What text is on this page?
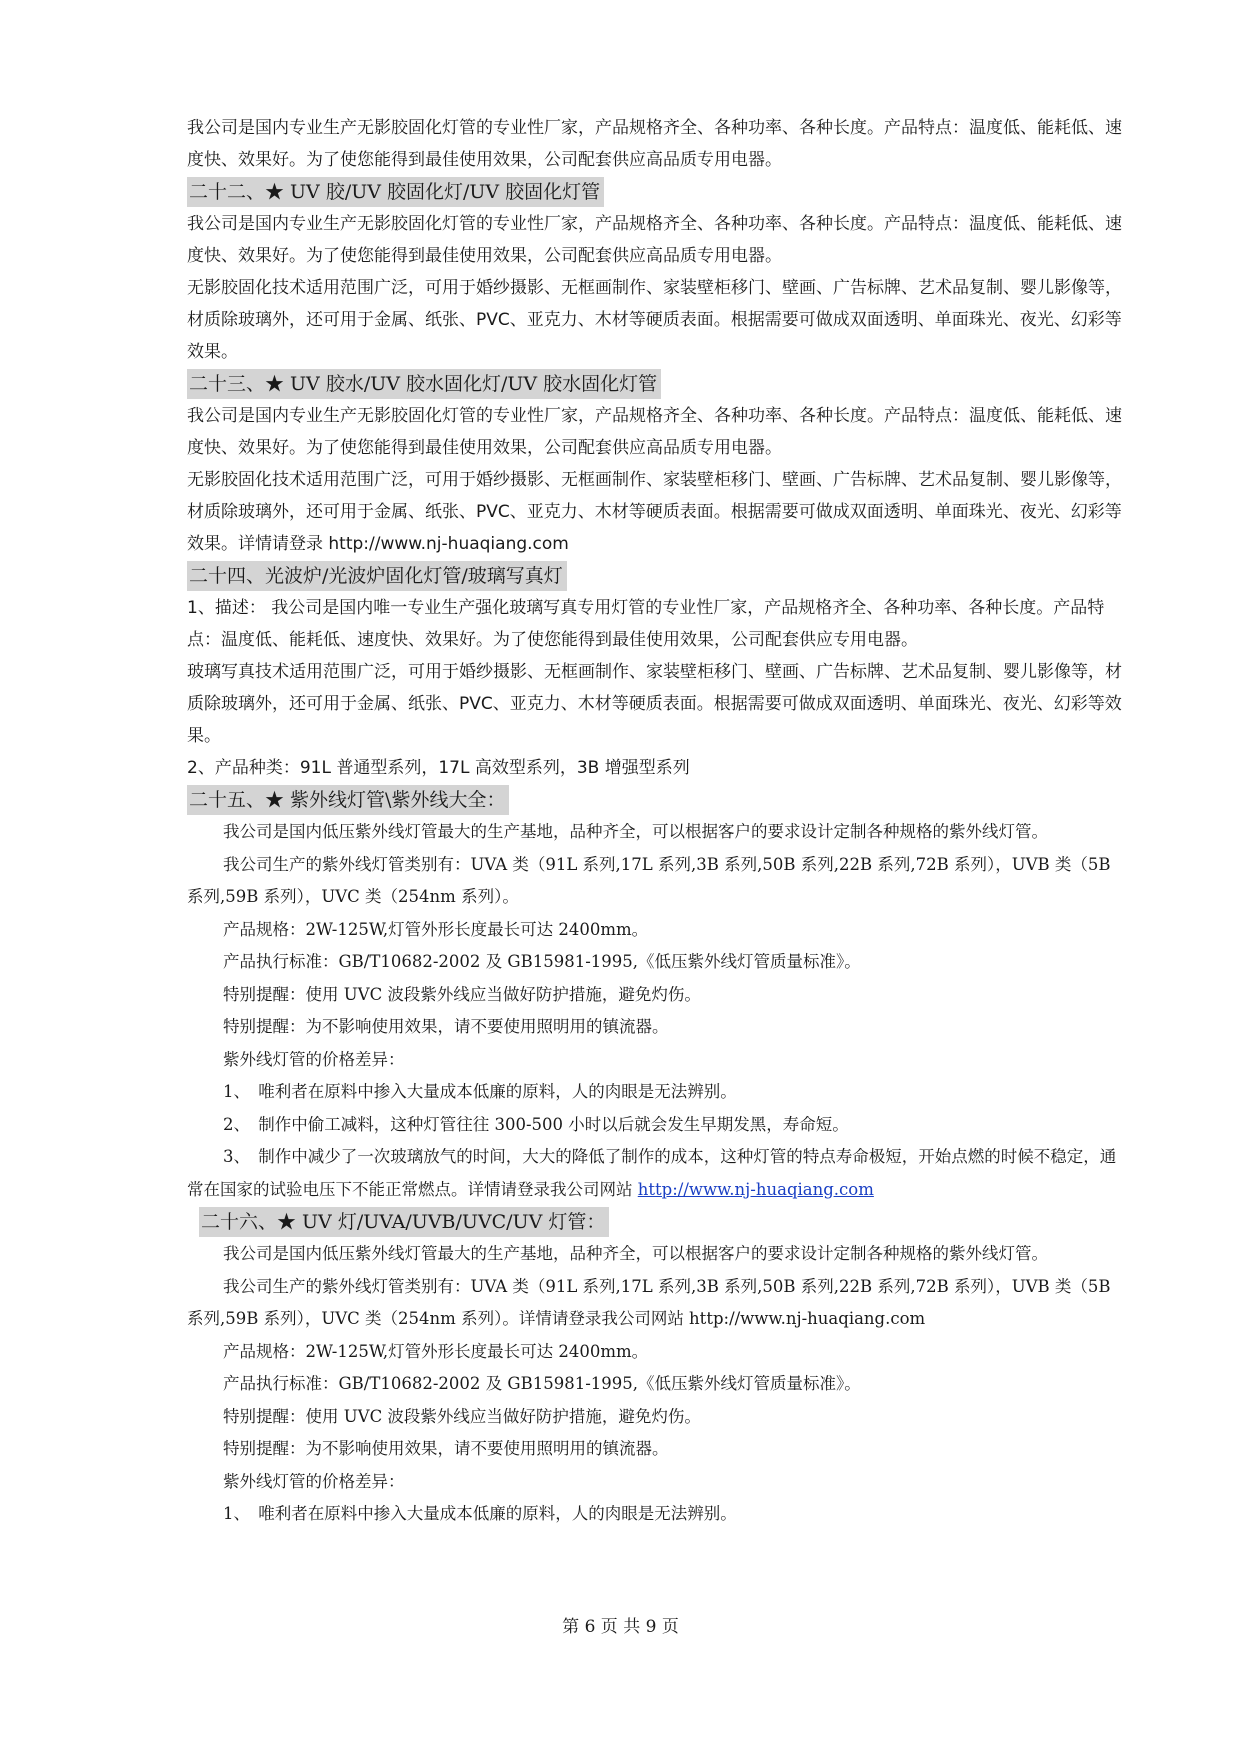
我公司是国内专业生产无影胶固化灯管的专业性厂家，产品规格齐全、各种功率、各种长度。产品特点：温度低、能耗低、速度快、效果好。为了使您能得到最佳使用效果，公司配套供应高品质专用电器。

二十二、★ UV 胶/UV 胶固化灯/UV 胶固化灯管

我公司是国内专业生产无影胶固化灯管的专业性厂家，产品规格齐全、各种功率、各种长度。产品特点：温度低、能耗低、速度快、效果好。为了使您能得到最佳使用效果，公司配套供应高品质专用电器。

无影胶固化技术适用范围广泛，可用于婚纱摄影、无框画制作、家装壁柜移门、壁画、广告标牌、艺术品复制、婴儿影像等，材质除玻璃外，还可用于金属、纸张、PVC、亚克力、木材等硬质表面。根据需要可做成双面透明、单面珠光、夜光、幻彩等效果。

二十三、★ UV 胶水/UV 胶水固化灯/UV 胶水固化灯管

我公司是国内专业生产无影胶固化灯管的专业性厂家，产品规格齐全、各种功率、各种长度。产品特点：温度低、能耗低、速度快、效果好。为了使您能得到最佳使用效果，公司配套供应高品质专用电器。

无影胶固化技术适用范围广泛，可用于婚纱摄影、无框画制作、家装壁柜移门、壁画、广告标牌、艺术品复制、婴儿影像等，材质除玻璃外，还可用于金属、纸张、PVC、亚克力、木材等硬质表面。根据需要可做成双面透明、单面珠光、夜光、幻彩等效果。详情请登录 http://www.nj-huaqiang.com

二十四、光波炉/光波炉固化灯管/玻璃写真灯

1、描述： 我公司是国内唯一专业生产强化玻璃写真专用灯管的专业性厂家，产品规格齐全、各种功率、各种长度。产品特点：温度低、能耗低、速度快、效果好。为了使您能得到最佳使用效果，公司配套供应专用电器。

玻璃写真技术适用范围广泛，可用于婚纱摄影、无框画制作、家装壁柜移门、壁画、广告标牌、艺术品复制、婴儿影像等，材质除玻璃外，还可用于金属、纸张、PVC、亚克力、木材等硬质表面。根据需要可做成双面透明、单面珠光、夜光、幻彩等效果。

2、产品种类：91L 普通型系列，17L 高效型系列，3B 增强型系列

二十五、★ 紫外线灯管\紫外线大全：

我公司是国内低压紫外线灯管最大的生产基地，品种齐全，可以根据客户的要求设计定制各种规格的紫外线灯管。

我公司生产的紫外线灯管类别有：UVA 类（91L 系列,17L 系列,3B 系列,50B 系列,22B 系列,72B 系列），UVB 类（5B 系列,59B 系列），UVC 类（254nm 系列）。

产品规格：2W-125W,灯管外形长度最长可达 2400mm。

产品执行标准：GB/T10682-2002 及 GB15981-1995,《低压紫外线灯管质量标准》。

特别提醒：使用 UVC 波段紫外线应当做好防护措施，避免灼伤。

特别提醒：为不影响使用效果，请不要使用照明用的镇流器。

紫外线灯管的价格差异：

1、　唯利者在原料中掺入大量成本低廉的原料，人的肉眼是无法辨别。

2、　制作中偷工减料，这种灯管往往 300-500 小时以后就会发生早期发黑，寿命短。

3、　制作中减少了一次玻璃放气的时间，大大的降低了制作的成本，这种灯管的特点寿命极短，开始点燃的时候不稳定，通常在国家的试验电压下不能正常燃点。详情请登录我公司网站 http://www.nj-huaqiang.com

二十六、★ UV 灯/UVA/UVB/UVC/UV 灯管：

我公司是国内低压紫外线灯管最大的生产基地，品种齐全，可以根据客户的要求设计定制各种规格的紫外线灯管。

我公司生产的紫外线灯管类别有：UVA 类（91L 系列,17L 系列,3B 系列,50B 系列,22B 系列,72B 系列），UVB 类（5B 系列,59B 系列），UVC 类（254nm 系列）。详情请登录我公司网站 http://www.nj-huaqiang.com

产品规格：2W-125W,灯管外形长度最长可达 2400mm。

产品执行标准：GB/T10682-2002 及 GB15981-1995,《低压紫外线灯管质量标准》。

特别提醒：使用 UVC 波段紫外线应当做好防护措施，避免灼伤。

特别提醒：为不影响使用效果，请不要使用照明用的镇流器。

紫外线灯管的价格差异：

1、　唯利者在原料中掺入大量成本低廉的原料，人的肉眼是无法辨别。

第 6 页 共 9 页
